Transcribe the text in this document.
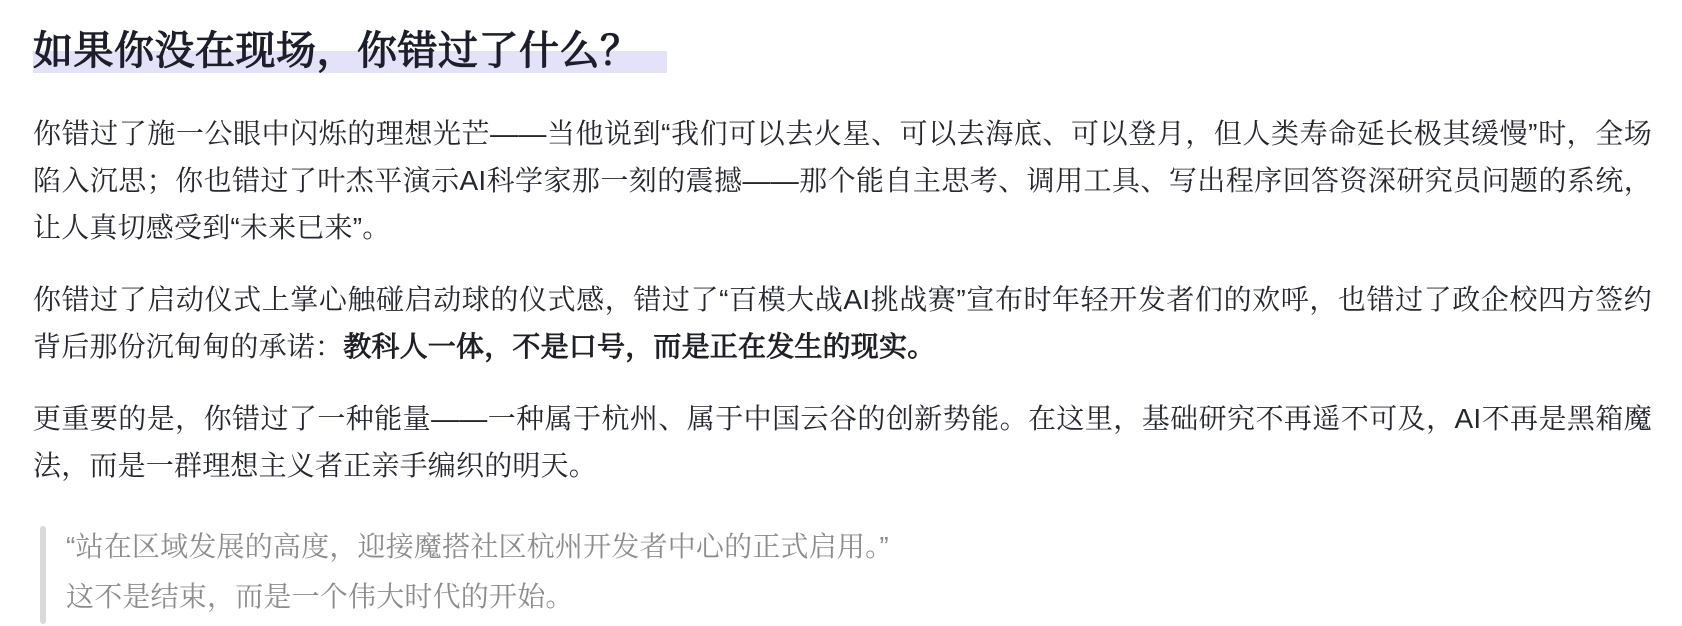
如果你没在现场，你错过了什么？

你错过了施一公眼中闪烁的理想光芒——当他说到“我们可以去火星、可以去海底、可以登月，但人类寿命延长极其缓慢”时，全场陷入沉思；你也错过了叶杰平演示AI科学家那一刻的震撼——那个能自主思考、调用工具、写出程序回答资深研究员问题的系统，让人真切感受到“未来已来”。

你错过了启动仪式上掌心触碰启动球的仪式感，错过了“百模大战AI挑战赛”宣布时年轻开发者们的欢呼，也错过了政企校四方签约背后那份沉甸甸的承诺：教科人一体，不是口号，而是正在发生的现实。

更重要的是，你错过了一种能量——一种属于杭州、属于中国云谷的创新势能。在这里，基础研究不再遥不可及，AI不再是黑箱魔法，而是一群理想主义者正亲手编织的明天。

“站在区域发展的高度，迎接魔搭社区杭州开发者中心的正式启用。”
这不是结束，而是一个伟大时代的开始。
